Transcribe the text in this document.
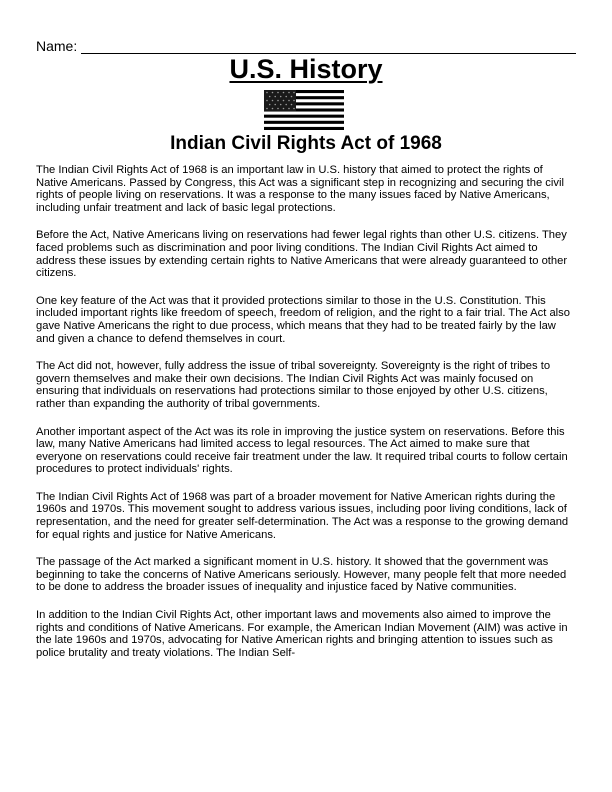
Name:
U.S. History
Indian Civil Rights Act of 1968

The Indian Civil Rights Act of 1968 is an important law in U.S. history that aimed to protect the rights of Native Americans. Passed by Congress, this Act was a significant step in recognizing and securing the civil rights of people living on reservations. It was a response to the many issues faced by Native Americans, including unfair treatment and lack of basic legal protections.

Before the Act, Native Americans living on reservations had fewer legal rights than other U.S. citizens. They faced problems such as discrimination and poor living conditions. The Indian Civil Rights Act aimed to address these issues by extending certain rights to Native Americans that were already guaranteed to other citizens.

One key feature of the Act was that it provided protections similar to those in the U.S. Constitution. This included important rights like freedom of speech, freedom of religion, and the right to a fair trial. The Act also gave Native Americans the right to due process, which means that they had to be treated fairly by the law and given a chance to defend themselves in court.

The Act did not, however, fully address the issue of tribal sovereignty. Sovereignty is the right of tribes to govern themselves and make their own decisions. The Indian Civil Rights Act was mainly focused on ensuring that individuals on reservations had protections similar to those enjoyed by other U.S. citizens, rather than expanding the authority of tribal governments.

Another important aspect of the Act was its role in improving the justice system on reservations. Before this law, many Native Americans had limited access to legal resources. The Act aimed to make sure that everyone on reservations could receive fair treatment under the law. It required tribal courts to follow certain procedures to protect individuals' rights.

The Indian Civil Rights Act of 1968 was part of a broader movement for Native American rights during the 1960s and 1970s. This movement sought to address various issues, including poor living conditions, lack of representation, and the need for greater self-determination. The Act was a response to the growing demand for equal rights and justice for Native Americans.

The passage of the Act marked a significant moment in U.S. history. It showed that the government was beginning to take the concerns of Native Americans seriously. However, many people felt that more needed to be done to address the broader issues of inequality and injustice faced by Native communities.

In addition to the Indian Civil Rights Act, other important laws and movements also aimed to improve the rights and conditions of Native Americans. For example, the American Indian Movement (AIM) was active in the late 1960s and 1970s, advocating for Native American rights and bringing attention to issues such as police brutality and treaty violations. The Indian Self-
